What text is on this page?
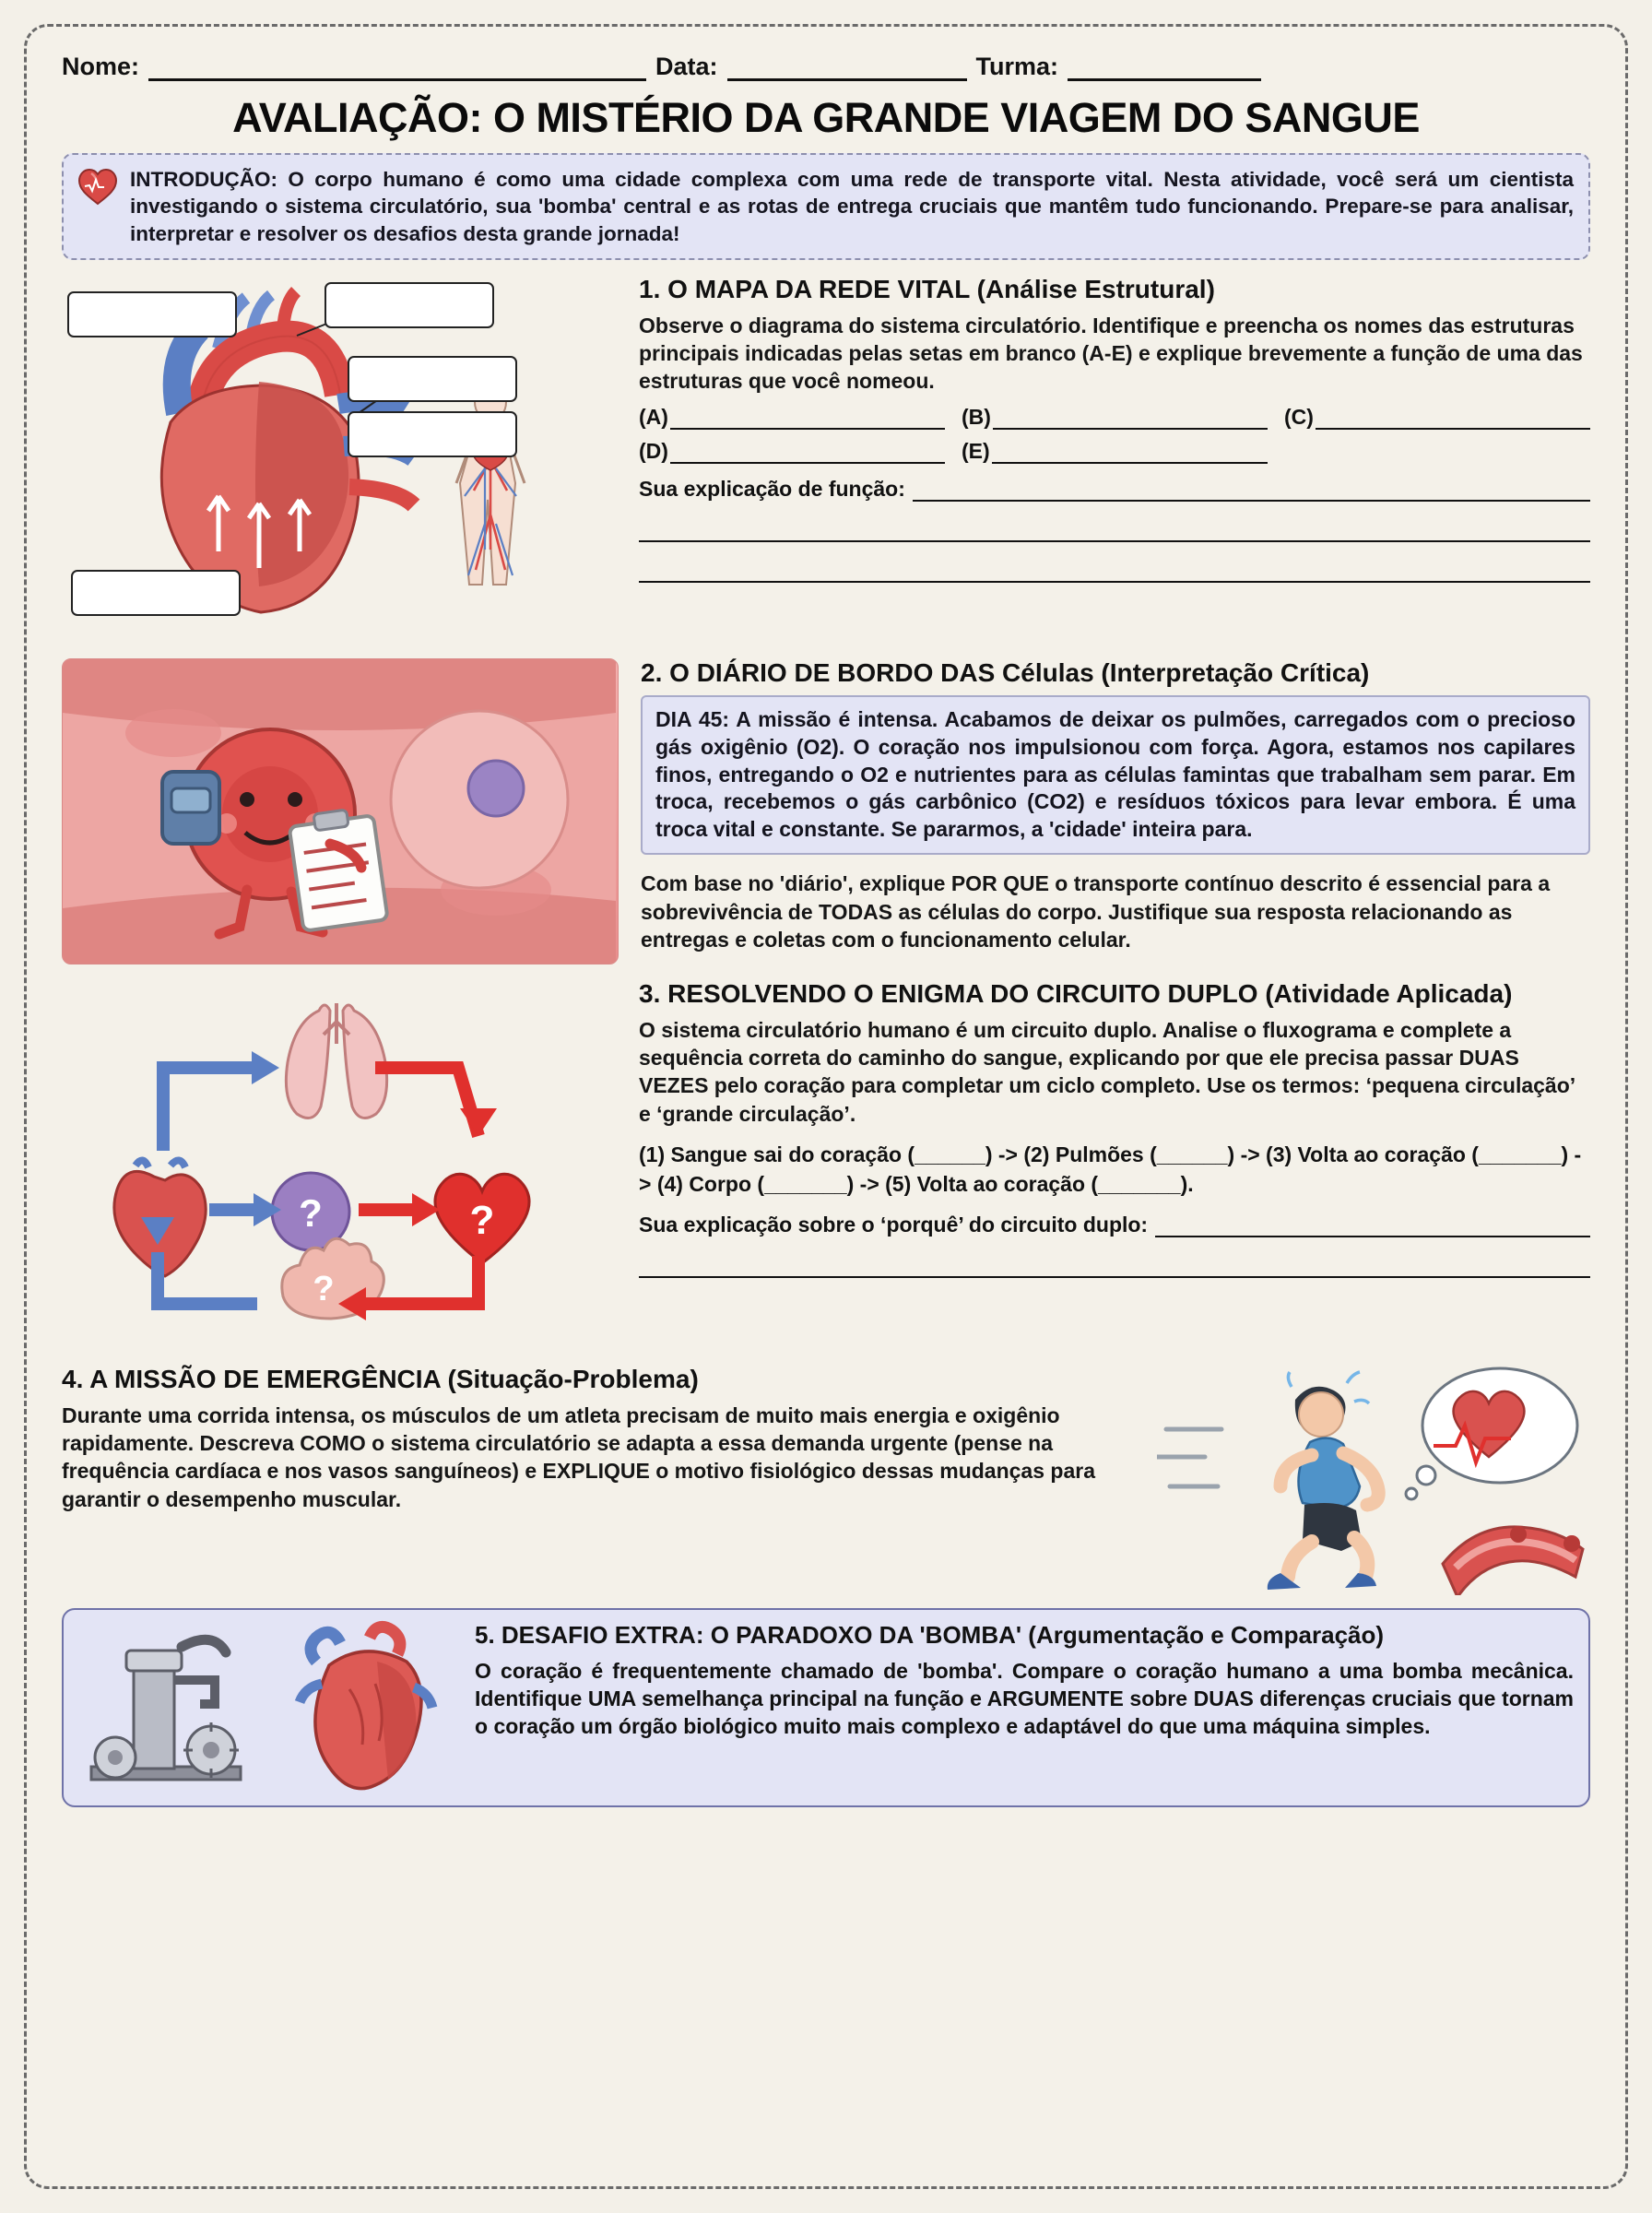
Nome:	Data:	Turma:
AVALIAÇÃO: O MISTÉRIO DA GRANDE VIAGEM DO SANGUE
INTRODUÇÃO: O corpo humano é como uma cidade complexa com uma rede de transporte vital. Nesta atividade, você será um cientista investigando o sistema circulatório, sua 'bomba' central e as rotas de entrega cruciais que mantêm tudo funcionando. Prepare-se para analisar, interpretar e resolver os desafios desta grande jornada!
1. O MAPA DA REDE VITAL (Análise Estrutural)

Observe o diagrama do sistema circulatório. Identifique e preencha os nomes das estruturas principais indicadas pelas setas em branco (A-E) e explique brevemente a função de uma das estruturas que você nomeou.

(A)	(B)	(C)
(D)	(E)
Sua explicação de função:
2. O DIÁRIO DE BORDO DAS Células (Interpretação Crítica)
DIA 45: A missão é intensa. Acabamos de deixar os pulmões, carregados com o precioso gás oxigênio (O2). O coração nos impulsionou com força. Agora, estamos nos capilares finos, entregando o O2 e nutrientes para as células famintas que trabalham sem parar. Em troca, recebemos o gás carbônico (CO2) e resíduos tóxicos para levar embora. É uma troca vital e constante. Se pararmos, a 'cidade' inteira para.

Com base no 'diário', explique POR QUE o transporte contínuo descrito é essencial para a sobrevivência de TODAS as células do corpo. Justifique sua resposta relacionando as entregas e coletas com o funcionamento celular.

?
?
?
3. RESOLVENDO O ENIGMA DO CIRCUITO DUPLO (Atividade Aplicada)

O sistema circulatório humano é um circuito duplo. Analise o fluxograma e complete a sequência correta do caminho do sangue, explicando por que ele precisa passar DUAS VEZES pelo coração para completar um ciclo completo. Use os termos: ‘pequena circulação’ e ‘grande circulação’.

(1) Sangue sai do coração (______) -> (2) Pulmões (______) -> (3) Volta ao coração (_______) -> (4) Corpo (_______) -> (5) Volta ao coração (_______).
Sua explicação sobre o ‘porquê’ do circuito duplo:
4. A MISSÃO DE EMERGÊNCIA (Situação-Problema)

Durante uma corrida intensa, os músculos de um atleta precisam de muito mais energia e oxigênio rapidamente. Descreva COMO o sistema circulatório se adapta a essa demanda urgente (pense na frequência cardíaca e nos vasos sanguíneos) e EXPLIQUE o motivo fisiológico dessas mudanças para garantir o desempenho muscular.

5. DESAFIO EXTRA: O PARADOXO DA 'BOMBA' (Argumentação e Comparação)

O coração é frequentemente chamado de 'bomba'. Compare o coração humano a uma bomba mecânica. Identifique UMA semelhança principal na função e ARGUMENTE sobre DUAS diferenças cruciais que tornam o coração um órgão biológico muito mais complexo e adaptável do que uma máquina simples.
